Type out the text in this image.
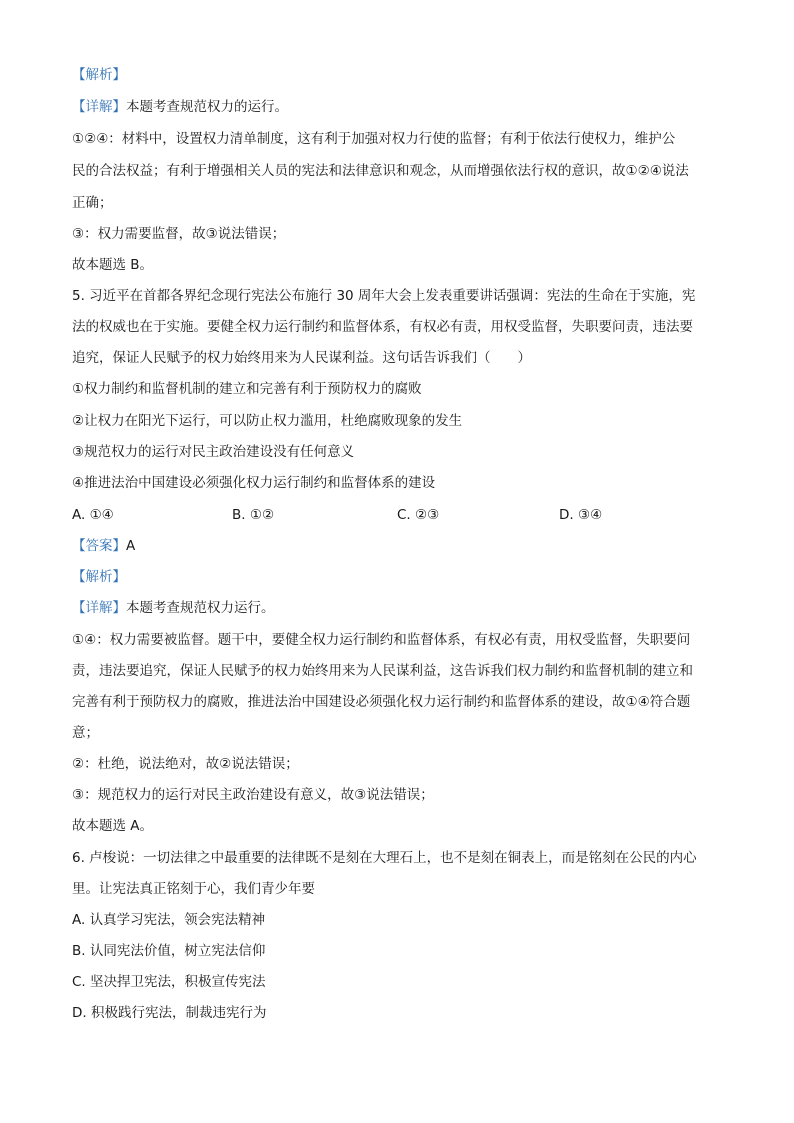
【解析】
【详解】本题考查规范权力的运行。
①②④：材料中，设置权力清单制度，这有利于加强对权力行使的监督；有利于依法行使权力，维护公
民的合法权益；有利于增强相关人员的宪法和法律意识和观念，从而增强依法行权的意识，故①②④说法
正确；
③：权力需要监督，故③说法错误；
故本题选 B。
5. 习近平在首都各界纪念现行宪法公布施行 30 周年大会上发表重要讲话强调：宪法的生命在于实施，宪
法的权威也在于实施。要健全权力运行制约和监督体系，有权必有责，用权受监督，失职要问责，违法要
追究，保证人民赋予的权力始终用来为人民谋利益。这句话告诉我们（　　）
①权力制约和监督机制的建立和完善有利于预防权力的腐败
②让权力在阳光下运行，可以防止权力滥用，杜绝腐败现象的发生
③规范权力的运行对民主政治建设没有任何意义
④推进法治中国建设必须强化权力运行制约和监督体系的建设
A. ①④	B. ①②	C. ②③	D. ③④
【答案】A
【解析】
【详解】本题考查规范权力运行。
①④：权力需要被监督。题干中，要健全权力运行制约和监督体系，有权必有责，用权受监督，失职要问
责，违法要追究，保证人民赋予的权力始终用来为人民谋利益，这告诉我们权力制约和监督机制的建立和
完善有利于预防权力的腐败，推进法治中国建设必须强化权力运行制约和监督体系的建设，故①④符合题
意；
②：杜绝，说法绝对，故②说法错误；
③：规范权力的运行对民主政治建设有意义，故③说法错误；
故本题选 A。
6. 卢梭说：一切法律之中最重要的法律既不是刻在大理石上，也不是刻在铜表上，而是铭刻在公民的内心
里。让宪法真正铭刻于心，我们青少年要
A. 认真学习宪法，领会宪法精神
B. 认同宪法价值，树立宪法信仰
C. 坚决捍卫宪法，积极宣传宪法
D. 积极践行宪法，制裁违宪行为
